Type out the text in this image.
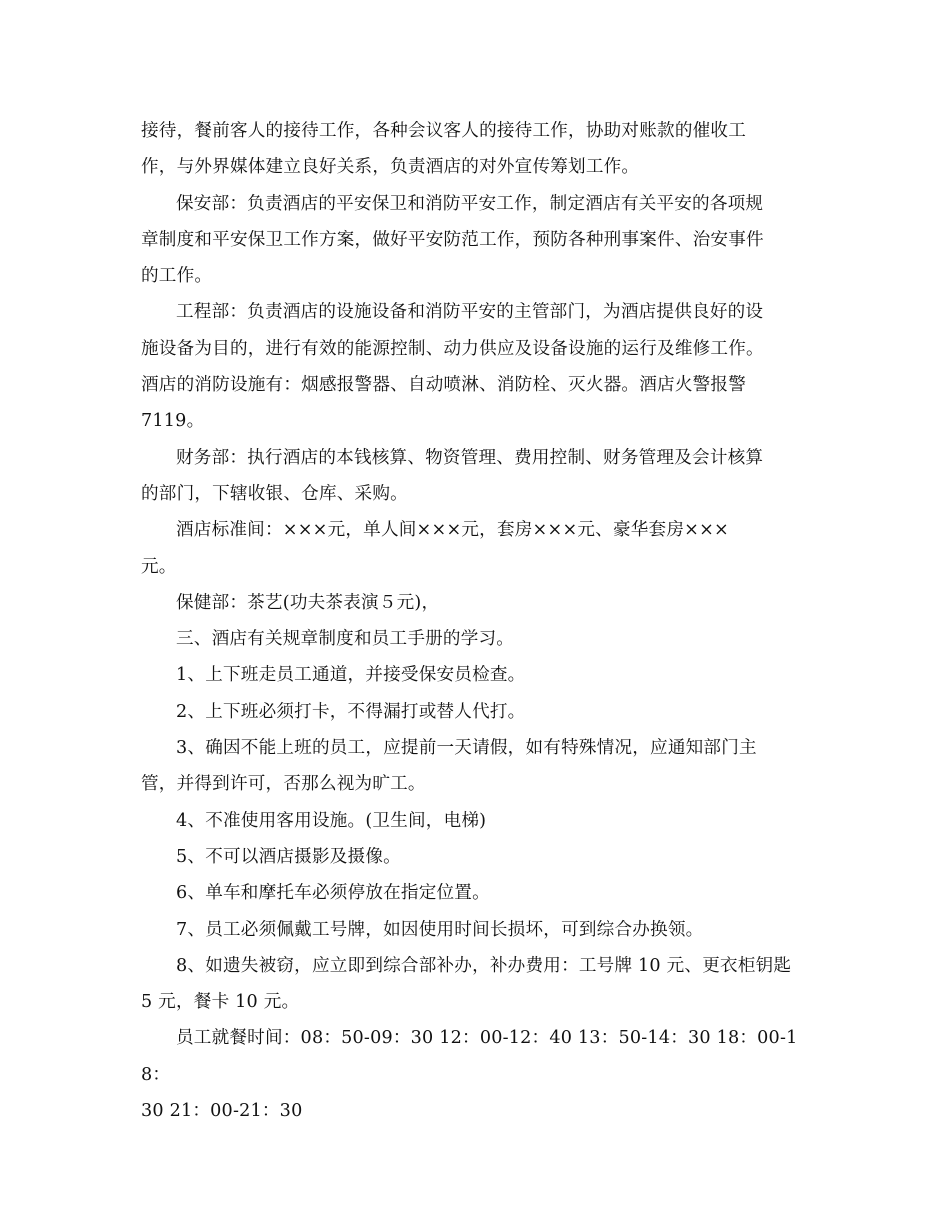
接待，餐前客人的接待工作，各种会议客人的接待工作，协助对账款的催收工
作，与外界媒体建立良好关系，负责酒店的对外宣传筹划工作。
保安部：负责酒店的平安保卫和消防平安工作，制定酒店有关平安的各项规
章制度和平安保卫工作方案，做好平安防范工作，预防各种刑事案件、治安事件
的工作。
工程部：负责酒店的设施设备和消防平安的主管部门，为酒店提供良好的设
施设备为目的，进行有效的能源控制、动力供应及设备设施的运行及维修工作。
酒店的消防设施有：烟感报警器、自动喷淋、消防栓、灭火器。酒店火警报警
7119。
财务部：执行酒店的本钱核算、物资管理、费用控制、财务管理及会计核算
的部门，下辖收银、仓库、采购。
酒店标准间：×××元，单人间×××元，套房×××元、豪华套房×××
元。
保健部：茶艺(功夫茶表演５元)，
三、酒店有关规章制度和员工手册的学习。
1、上下班走员工通道，并接受保安员检查。
2、上下班必须打卡，不得漏打或替人代打。
3、确因不能上班的员工，应提前一天请假，如有特殊情况，应通知部门主
管，并得到许可，否那么视为旷工。
4、不准使用客用设施。(卫生间，电梯)
5、不可以酒店摄影及摄像。
6、单车和摩托车必须停放在指定位置。
7、员工必须佩戴工号牌，如因使用时间长损坏，可到综合办换领。
8、如遗失被窃，应立即到综合部补办，补办费用：工号牌 10 元、更衣柜钥匙
5 元，餐卡 10 元。
员工就餐时间：08：50-09：30 12：00-12：40 13：50-14：30 18：00-18：
30 21：00-21：30
